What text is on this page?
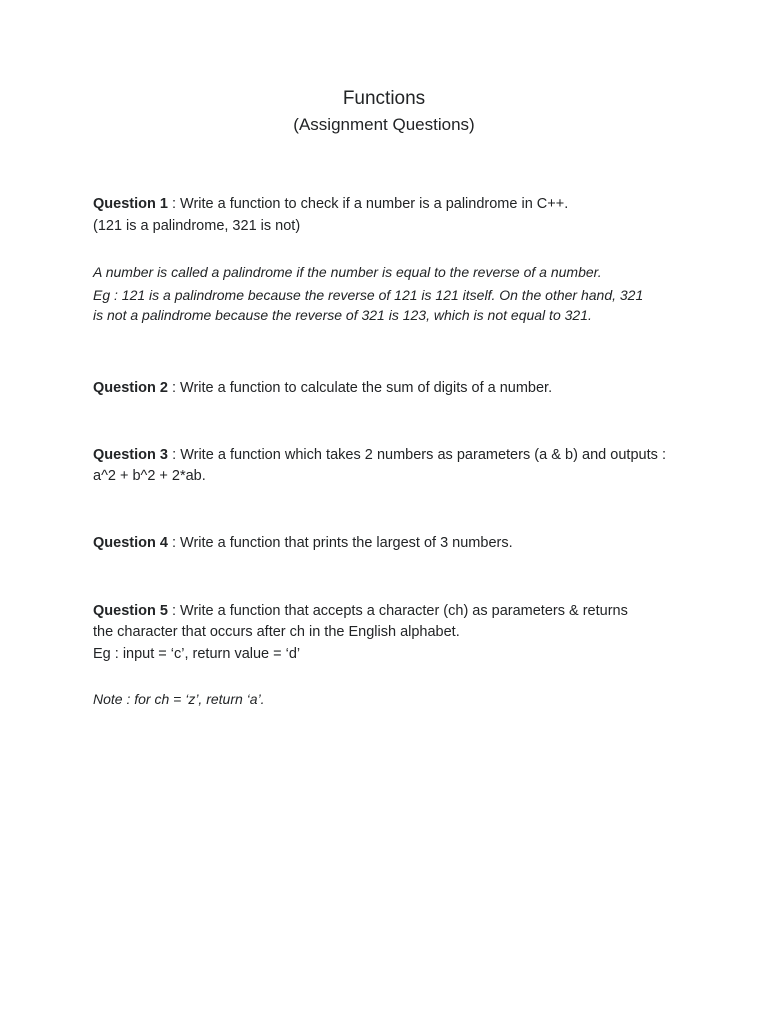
Functions
(Assignment Questions)
Question 1 : Write a function to check if a number is a palindrome in C++.
(121 is a palindrome, 321 is not)
A number is called a palindrome if the number is equal to the reverse of a number.
Eg : 121 is a palindrome because the reverse of 121 is 121 itself. On the other hand, 321
is not a palindrome because the reverse of 321 is 123, which is not equal to 321.
Question 2 : Write a function to calculate the sum of digits of a number.
Question 3 : Write a function which takes 2 numbers as parameters (a & b) and outputs : a^2 + b^2 + 2*ab.
Question 4 : Write a function that prints the largest of 3 numbers.
Question 5 : Write a function that accepts a character (ch) as parameters & returns
the character that occurs after ch in the English alphabet.
Eg : input = ‘c’, return value = ‘d’
Note : for ch = ‘z’, return ‘a’.
